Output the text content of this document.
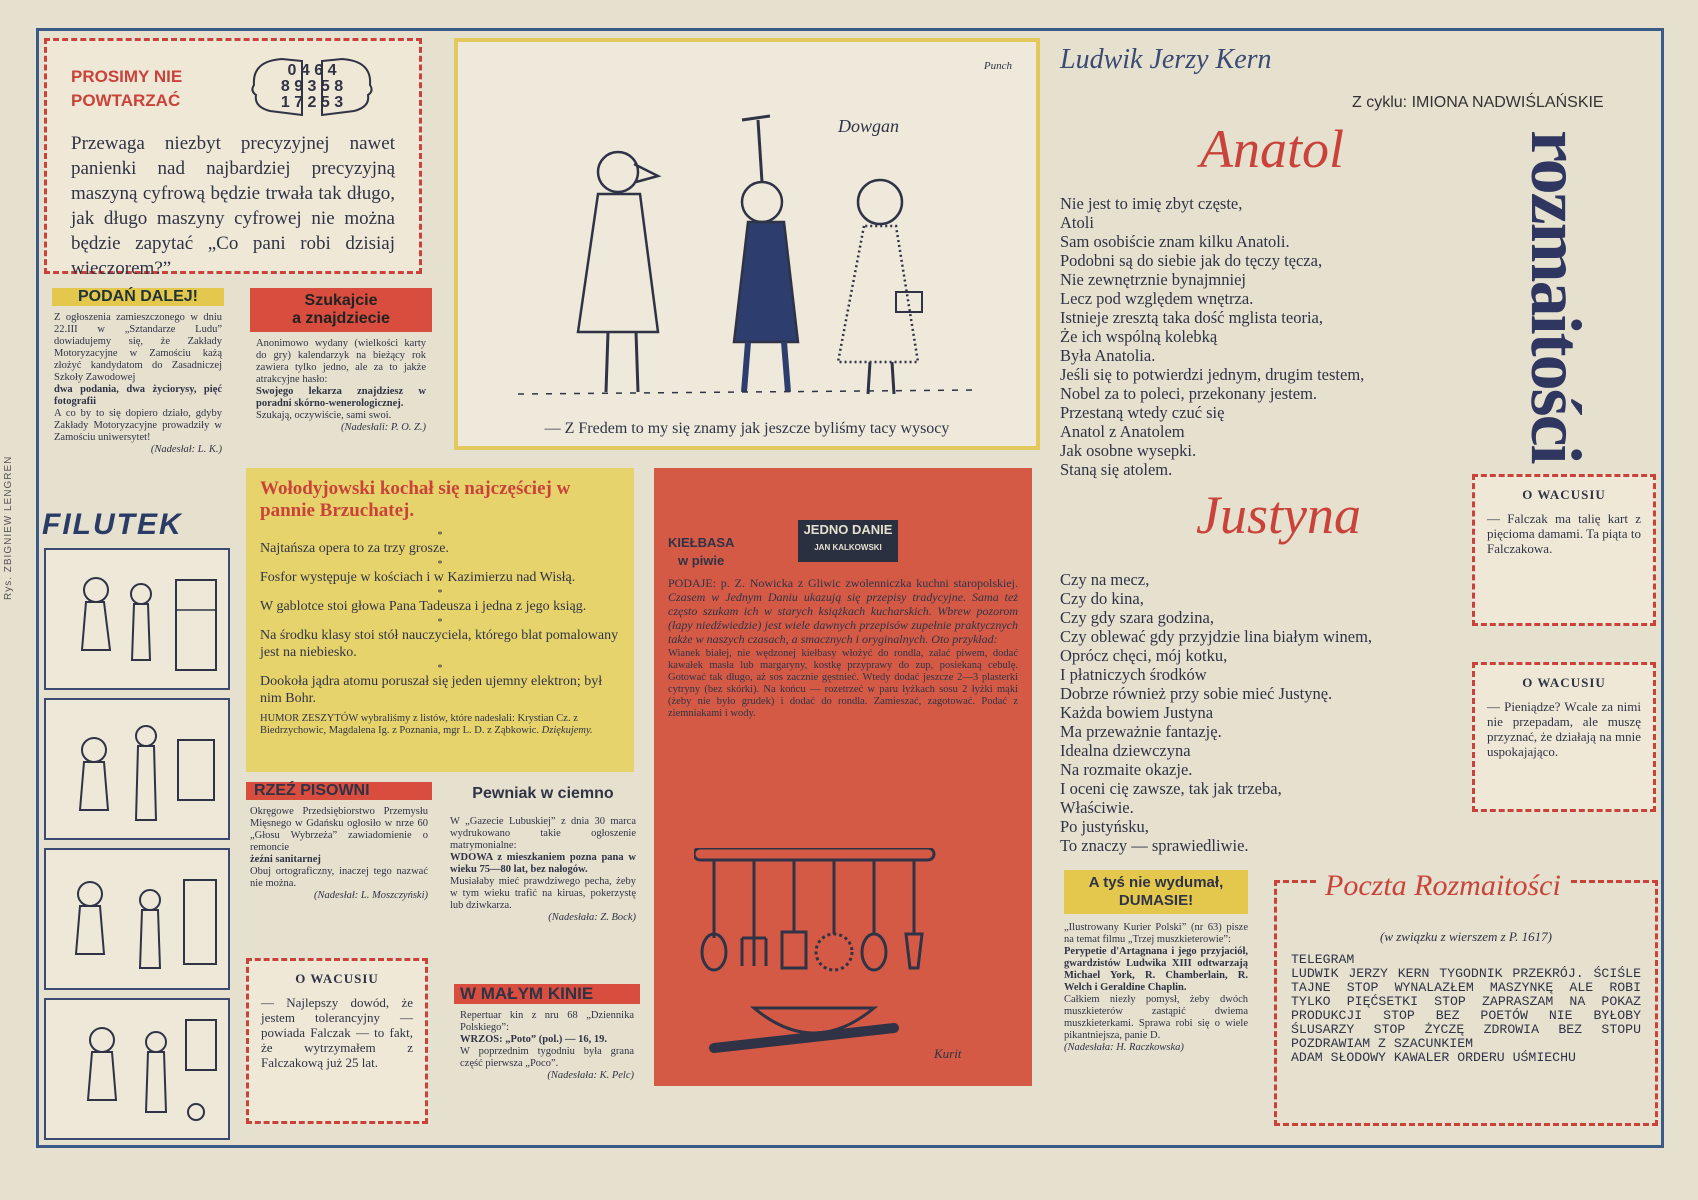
Rys. ZBIGNIEW LENGREN
PROSIMY NIE
POWTARZAĆ
0 4 6 4
8 9 3 5 8
1 7 2 5 3

Przewaga niezbyt precyzyjnej nawet panienki nad najbardziej precyzyjną maszyną cyfrową będzie trwała tak długo, jak długo maszyny cyfrowej nie można będzie zapytać „Co pani robi dzisiaj wieczorem?”

PODAŃ DALEJ!

Z ogłoszenia zamieszczonego w dniu 22.III w „Sztandarze Ludu” dowiadujemy się, że Zakłady Motoryzacyjne w Zamościu każą złożyć kandydatom do Zasadniczej Szkoły Zawodowej

dwa podania, dwa życiorysy, pięć fotografii

A co by to się dopiero działo, gdyby Zakłady Motoryzacyjne prowadziły w Zamościu uniwersytet!

(Nadesłał: L. K.)

Szukajcie
a znajdziecie

Anonimowo wydany (wielkości karty do gry) kalendarzyk na bieżący rok zawiera tylko jedno, ale za to jakże atrakcyjne hasło:

Swojego lekarza znajdziesz w poradni skórno-wenerologicznej.

Szukają, oczywiście, sami swoi.

(Nadesłali: P. O. Z.)

FILUTEK
Punch
Dowgan
— Z Fredem to my się znamy jak jeszcze byliśmy tacy wysocy
Wołodyjowski kochał się najczęściej w pannie Brzuchatej.
*

Najtańsza opera to za trzy grosze.

*

Fosfor występuje w kościach i w Kazimierzu nad Wisłą.

*

W gablotce stoi głowa Pana Tadeusza i jedna z jego ksiąg.

*

Na środku klasy stoi stół nauczyciela, którego blat pomalowany jest na niebiesko.

*

Dookoła jądra atomu poruszał się jeden ujemny elektron; był nim Bohr.

HUMOR ZESZYTÓW wybraliśmy z listów, które nadesłali: Krystian Cz. z Biedrzychowic, Magdalena Ig. z Poznania, mgr L. D. z Ząbkowic. Dziękujemy.

JEDNO DANIE
JAN KALKOWSKI
KIEŁBASA
w piwie

PODAJE: p. Z. Nowicka z Gliwic zwolenniczka kuchni staropolskiej. Czasem w Jednym Daniu ukazują się przepisy tradycyjne. Sama też często szukam ich w starych książkach kucharskich. Wbrew pozorom (łapy niedźwiedzie) jest wiele dawnych przepisów zupełnie praktycznych także w naszych czasach, a smacznych i oryginalnych. Oto przykład:

Wianek białej, nie wędzonej kiełbasy włożyć do rondla, zalać piwem, dodać kawałek masła lub margaryny, kostkę przyprawy do zup, posiekaną cebulę. Gotować tak długo, aż sos zacznie gęstnieć. Wtedy dodać jeszcze 2—3 plasterki cytryny (bez skórki). Na końcu — rozetrzeć w paru łyżkach sosu 2 łyżki mąki (żeby nie było grudek) i dodać do rondla. Zamieszać, zagotować. Podać z ziemniakami i wody.

Kurit
RZEŹ PISOWNI

Okręgowe Przedsiębiorstwo Przemysłu Mięsnego w Gdańsku ogłosiło w nrze 60 „Głosu Wybrzeża” zawiadomienie o remoncie

żeźni sanitarnej

Obuj ortograficzny, inaczej tego nazwać nie można.

(Nadesłał: L. Moszczyński)

Pewniak w ciemno

W „Gazecie Lubuskiej” z dnia 30 marca wydrukowano takie ogłoszenie matrymonialne:

WDOWA z mieszkaniem pozna pana w wieku 75—80 lat, bez nałogów.

Musiałaby mieć prawdziwego pecha, żeby w tym wieku trafić na kiruas, pokerzystę lub dziwkarza.

(Nadesłała: Z. Bock)

O WACUSIU

— Najlepszy dowód, że jestem tolerancyjny — powiada Falczak — to fakt, że wytrzymałem z Falczakową już 25 lat.

W MAŁYM KINIE

Repertuar kin z nru 68 „Dziennika Polskiego”:

WRZOS: „Poto” (pol.) — 16, 19.

W poprzednim tygodniu była grana część pierwsza „Poco”.

(Nadesłała: K. Pelc)

Ludwik Jerzy Kern
Z cyklu: IMIONA NADWIŚLAŃSKIE
Anatol
Nie jest to imię zbyt częste,
Atoli
Sam osobiście znam kilku Anatoli.
Podobni są do siebie jak do tęczy tęcza,
Nie zewnętrznie bynajmniej
Lecz pod względem wnętrza.
Istnieje zresztą taka dość mglista teoria,
Że ich wspólną kolebką
Była Anatolia.
Jeśli się to potwierdzi jednym, drugim testem,
Nobel za to poleci, przekonany jestem.
Przestaną wtedy czuć się
Anatol z Anatolem
Jak osobne wysepki.
Staną się atolem.
Justyna
Czy na mecz,
Czy do kina,
Czy gdy szara godzina,
Czy oblewać gdy przyjdzie lina białym winem,
Oprócz chęci, mój kotku,
I płatniczych środków
Dobrze również przy sobie mieć Justynę.
Każda bowiem Justyna
Ma przeważnie fantazję.
Idealna dziewczyna
Na rozmaite okazje.
I oceni cię zawsze, tak jak trzeba,
Właściwie.
Po justyńsku,
To znaczy — sprawiedliwie.
rozmaitości
O WACUSIU

— Falczak ma talię kart z pięcioma damami. Ta piąta to Falczakowa.

O WACUSIU

— Pieniądze? Wcale za nimi nie przepadam, ale muszę przyznać, że działają na mnie uspokajająco.

A tyś nie wydumał,
DUMASIE!

„Ilustrowany Kurier Polski” (nr 63) pisze na temat filmu „Trzej muszkieterowie”:

Perypetie d'Artagnana i jego przyjaciół, gwardzistów Ludwika XIII odtwarzają Michael York, R. Chamberlain, R. Welch i Geraldine Chaplin.

Całkiem niezły pomysł, żeby dwóch muszkieterów zastąpić dwiema muszkieterkami. Sprawa robi się o wiele pikantniejsza, panie D.

(Nadesłała: H. Raczkowska)

Poczta Rozmaitości
(w związku z wierszem z P. 1617)
TELEGRAM
LUDWIK JERZY KERN TYGODNIK PRZEKRÓJ. ŚCIŚLE TAJNE STOP WYNALAZŁEM MASZYNKĘ ALE ROBI TYLKO PIĘĆSETKI STOP ZAPRASZAM NA POKAZ PRODUKCJI STOP BEZ POETÓW NIE BYŁOBY ŚLUSARZY STOP ŻYCZĘ ZDROWIA BEZ STOPU POZDRAWIAM Z SZACUNKIEM
ADAM SŁODOWY KAWALER ORDERU UŚMIECHU
